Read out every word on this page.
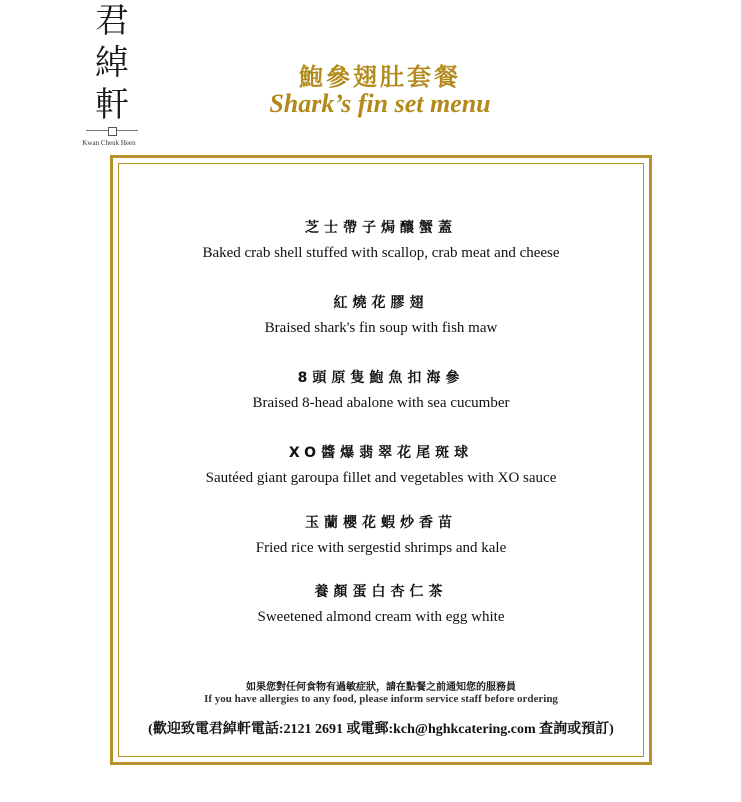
君
綽
軒
Kwan Cheuk Heen
鮑參翅肚套餐
Shark’s fin set menu
芝士帶子焗釀蟹蓋
Baked crab shell stuffed with scallop, crab meat and cheese
紅燒花膠翅
Braised shark's fin soup with fish maw
8頭原隻鮑魚扣海參
Braised 8-head abalone with sea cucumber
XO醬爆翡翠花尾斑球
Sautéed giant garoupa fillet and vegetables with XO sauce
玉蘭櫻花蝦炒香苗
Fried rice with sergestid shrimps and kale
養顏蛋白杏仁茶
Sweetened almond cream with egg white
如果您對任何食物有過敏症狀，請在點餐之前通知您的服務員
If you have allergies to any food, please inform service staff before ordering
(歡迎致電君綽軒電話:2121 2691 或電郵:kch@hghkcatering.com 查詢或預訂)
